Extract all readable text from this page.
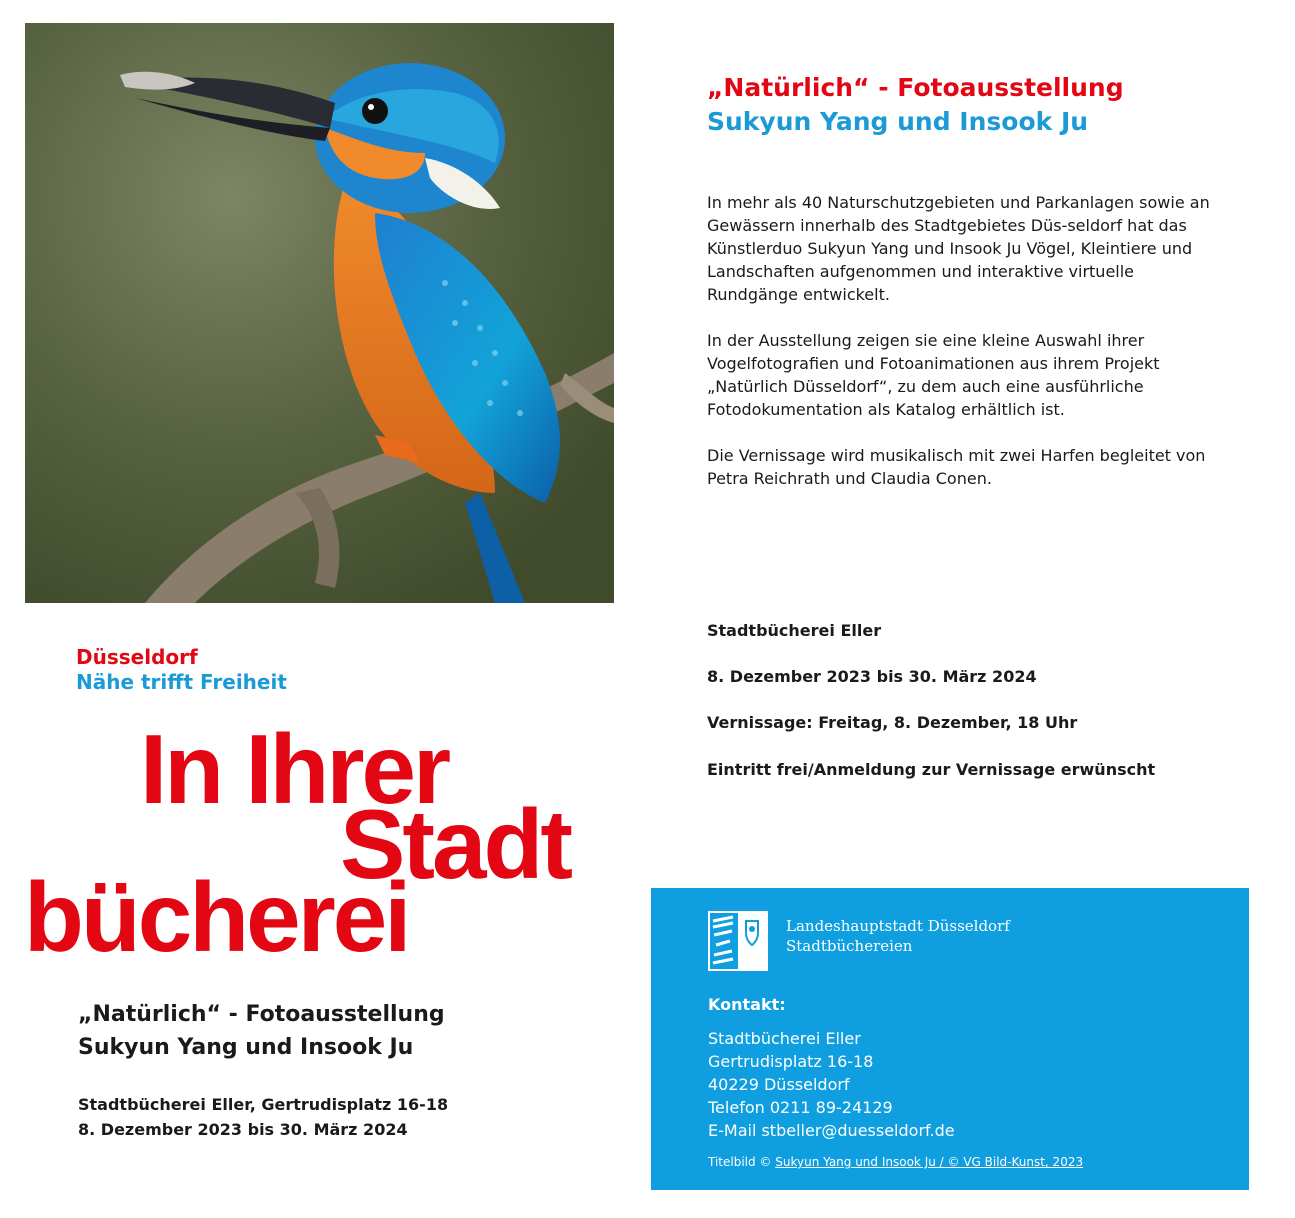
„Natürlich“ - Fotoausstellung
Sukyun Yang und Insook Ju

In mehr als 40 Naturschutzgebieten und Parkanlagen sowie an Gewässern innerhalb des Stadtgebietes Düs-seldorf hat das Künstlerduo Sukyun Yang und Insook Ju Vögel, Kleintiere und Landschaften aufgenommen und interaktive virtuelle Rundgänge entwickelt.

In der Ausstellung zeigen sie eine kleine Auswahl ihrer Vogelfotografien und Fotoanimationen aus ihrem Projekt „Natürlich Düsseldorf“, zu dem auch eine ausführliche Fotodokumentation als Katalog erhältlich ist.

Die Vernissage wird musikalisch mit zwei Harfen begleitet von Petra Reichrath und Claudia Conen.

Stadtbücherei Eller
8. Dezember 2023 bis 30. März 2024
Vernissage: Freitag, 8. Dezember, 18 Uhr
Eintritt frei/Anmeldung zur Vernissage erwünscht
Düsseldorf
Nähe trifft Freiheit
In Ihrer
Stadt
bücherei
„Natürlich“ - Fotoausstellung
Sukyun Yang und Insook Ju
Stadtbücherei Eller, Gertrudisplatz 16-18
8. Dezember 2023 bis 30. März 2024
Landeshauptstadt Düsseldorf
Stadtbüchereien
Kontakt:
Stadtbücherei Eller
Gertrudisplatz 16-18
40229 Düsseldorf
Telefon 0211 89-24129
E-Mail stbeller@duesseldorf.de
Titelbild © Sukyun Yang und Insook Ju / © VG Bild-Kunst, 2023
